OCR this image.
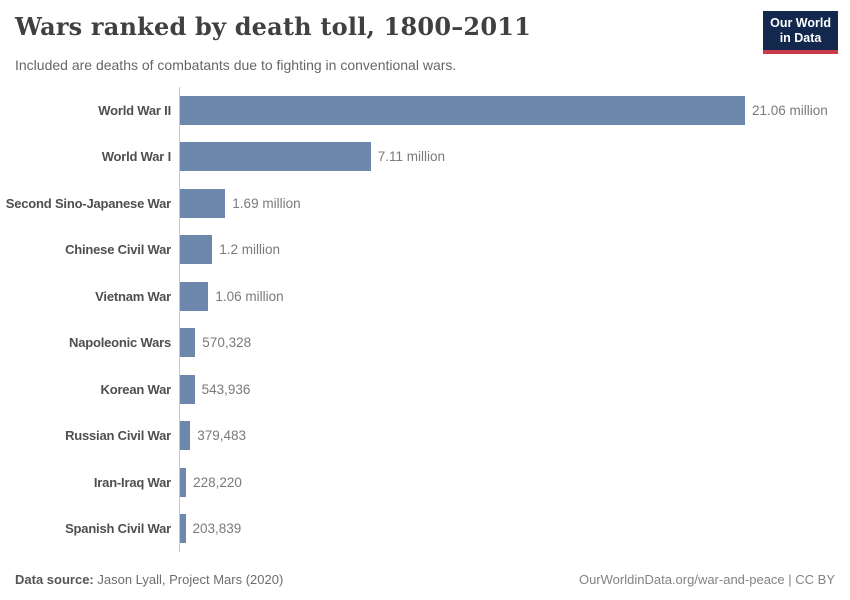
Wars ranked by death toll, 1800–2011

Included are deaths of combatants due to fighting in conventional wars.

Our World
in Data
World War II	21.06 million
World War I	7.11 million
Second Sino-Japanese War	1.69 million
Chinese Civil War	1.2 million
Vietnam War	1.06 million
Napoleonic Wars	570,328
Korean War	543,936
Russian Civil War	379,483
Iran-Iraq War	228,220
Spanish Civil War	203,839
Data source: Jason Lyall, Project Mars (2020)	OurWorldinData.org/war-and-peace | CC BY
